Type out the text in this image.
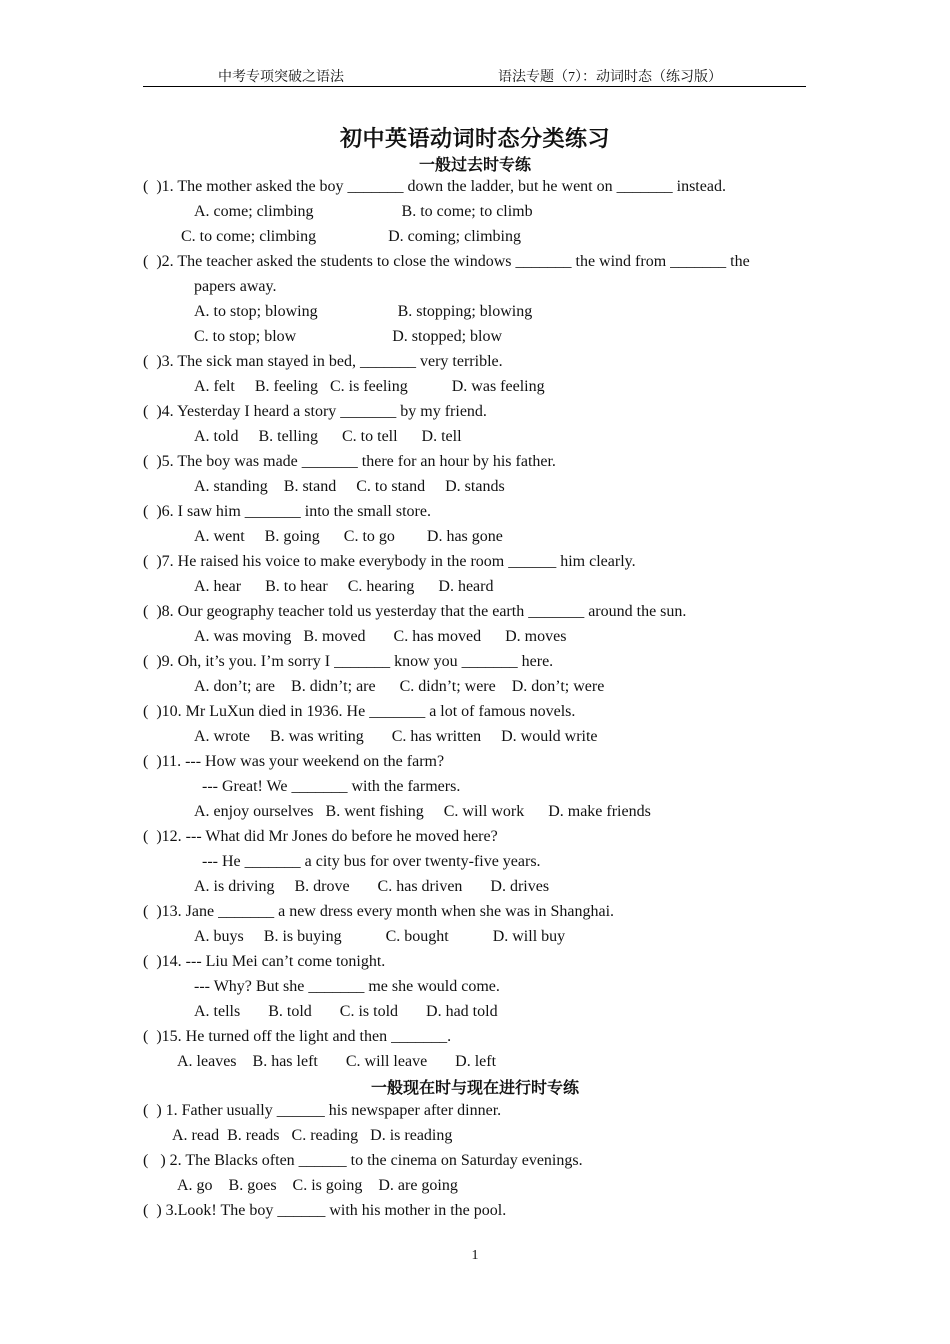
中考专项突破之语法	语法专题（7）：动词时态（练习版）
初中英语动词时态分类练习
一般过去时专练
(  )1. The mother asked the boy _______ down the ladder, but he went on _______ instead.
A. come; climbing                      B. to come; to climb
C. to come; climbing                  D. coming; climbing
(  )2. The teacher asked the students to close the windows _______ the wind from _______ the
papers away.
A. to stop; blowing                    B. stopping; blowing
C. to stop; blow                        D. stopped; blow
(  )3. The sick man stayed in bed, _______ very terrible.
A. felt     B. feeling   C. is feeling           D. was feeling
(  )4. Yesterday I heard a story _______ by my friend.
A. told     B. telling      C. to tell      D. tell
(  )5. The boy was made _______ there for an hour by his father.
A. standing    B. stand     C. to stand     D. stands
(  )6. I saw him _______ into the small store.
A. went     B. going      C. to go        D. has gone
(  )7. He raised his voice to make everybody in the room ______ him clearly.
A. hear      B. to hear     C. hearing      D. heard
(  )8. Our geography teacher told us yesterday that the earth _______ around the sun.
A. was moving   B. moved       C. has moved      D. moves
(  )9. Oh, it’s you. I’m sorry I _______ know you _______ here.
A. don’t; are    B. didn’t; are      C. didn’t; were    D. don’t; were
(  )10. Mr LuXun died in 1936. He _______ a lot of famous novels.
A. wrote     B. was writing       C. has written     D. would write
(  )11. --- How was your weekend on the farm?
--- Great! We _______ with the farmers.
A. enjoy ourselves   B. went fishing     C. will work      D. make friends
(  )12. --- What did Mr Jones do before he moved here?
--- He _______ a city bus for over twenty-five years.
A. is driving     B. drove       C. has driven       D. drives
(  )13. Jane _______ a new dress every month when she was in Shanghai.
A. buys     B. is buying           C. bought           D. will buy
(  )14. --- Liu Mei can’t come tonight.
--- Why? But she _______ me she would come.
A. tells       B. told       C. is told       D. had told
(  )15. He turned off the light and then _______.
A. leaves    B. has left       C. will leave       D. left
一般现在时与现在进行时专练
(  ) 1. Father usually ______ his newspaper after dinner.
A. read  B. reads   C. reading   D. is reading
(   ) 2. The Blacks often ______ to the cinema on Saturday evenings.
A. go    B. goes    C. is going    D. are going
(  ) 3.Look! The boy ______ with his mother in the pool.
1
